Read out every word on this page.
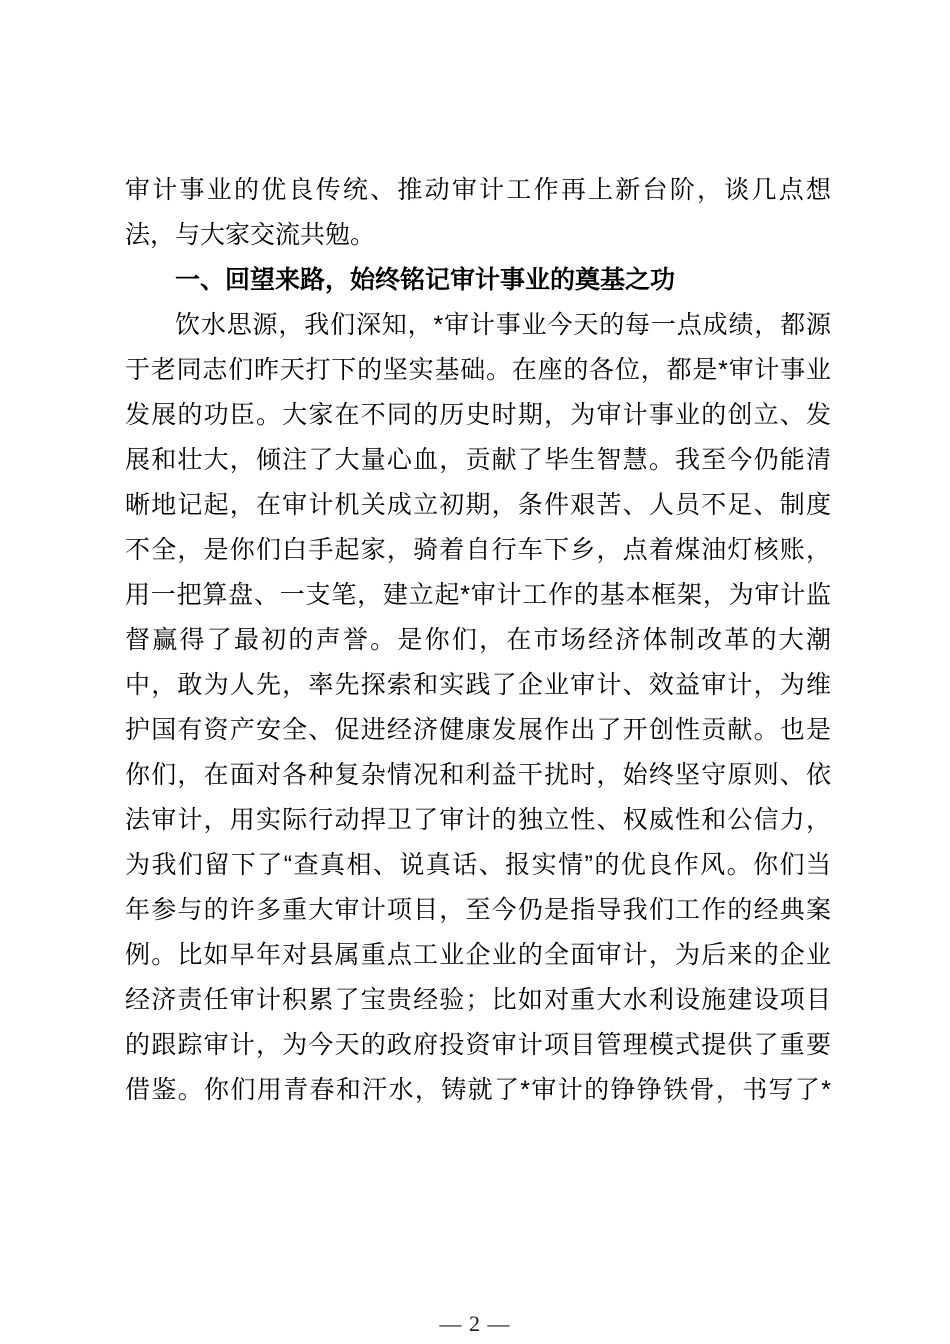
审计事业的优良传统、推动审计工作再上新台阶，谈几点想
法，与大家交流共勉。
一、回望来路，始终铭记审计事业的奠基之功
饮水思源，我们深知，*审计事业今天的每一点成绩，都源
于老同志们昨天打下的坚实基础。在座的各位，都是*审计事业
发展的功臣。大家在不同的历史时期，为审计事业的创立、发
展和壮大，倾注了大量心血，贡献了毕生智慧。我至今仍能清
晰地记起，在审计机关成立初期，条件艰苦、人员不足、制度
不全，是你们白手起家，骑着自行车下乡，点着煤油灯核账，
用一把算盘、一支笔，建立起*审计工作的基本框架，为审计监
督赢得了最初的声誉。是你们，在市场经济体制改革的大潮
中，敢为人先，率先探索和实践了企业审计、效益审计，为维
护国有资产安全、促进经济健康发展作出了开创性贡献。也是
你们，在面对各种复杂情况和利益干扰时，始终坚守原则、依
法审计，用实际行动捍卫了审计的独立性、权威性和公信力，
为我们留下了“查真相、说真话、报实情”的优良作风。你们当
年参与的许多重大审计项目，至今仍是指导我们工作的经典案
例。比如早年对县属重点工业企业的全面审计，为后来的企业
经济责任审计积累了宝贵经验；比如对重大水利设施建设项目
的跟踪审计，为今天的政府投资审计项目管理模式提供了重要
借鉴。你们用青春和汗水，铸就了*审计的铮铮铁骨，书写了*
— 2 —
